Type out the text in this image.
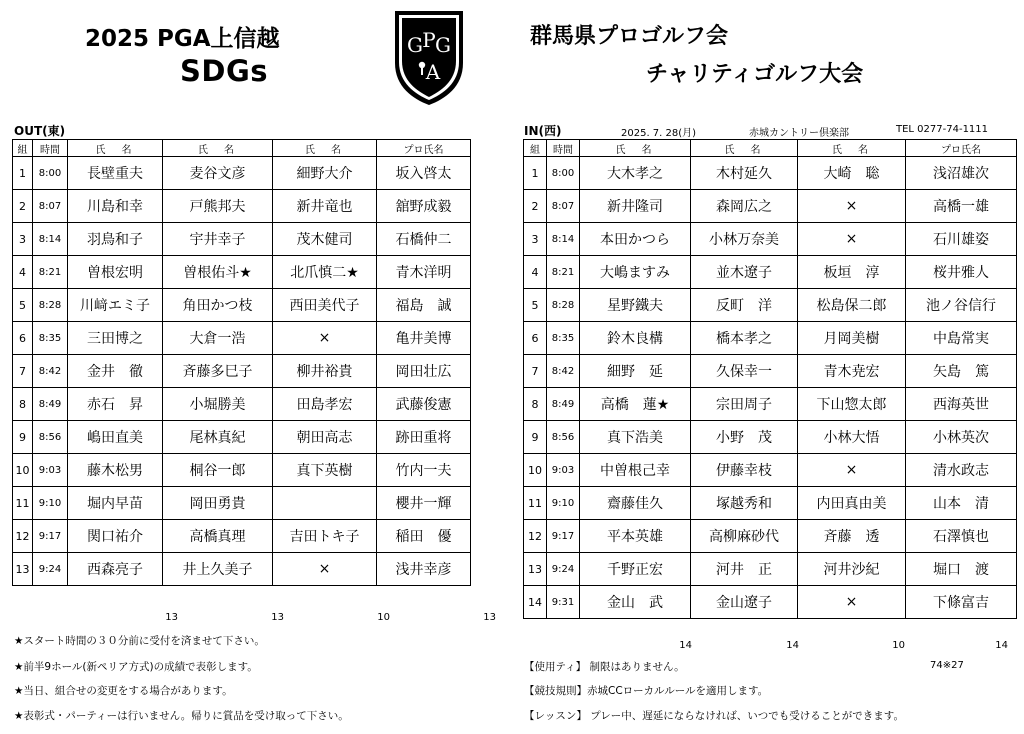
2025 PGA上信越
SDGs
G P G
A
群馬県プロゴルフ会
チャリティゴルフ大会
OUT(東)
組	時間	氏　名	氏　名	氏　名	プロ氏名
1	8:00	長壁重夫	麦谷文彦	細野大介	坂入啓太
2	8:07	川島和幸	戸熊邦夫	新井竜也	舘野成毅
3	8:14	羽鳥和子	宇井幸子	茂木健司	石橋仲二
4	8:21	曽根宏明	曽根佑斗★	北爪慎二★	青木洋明
5	8:28	川﨑エミ子	角田かつ枝	西田美代子	福島　誠
6	8:35	三田博之	大倉一浩	×	亀井美博
7	8:42	金井　徹	斉藤多巳子	柳井裕貴	岡田壮広
8	8:49	赤石　昇	小堀勝美	田島孝宏	武藤俊憲
9	8:56	嶋田直美	尾林真紀	朝田高志	跡田重将
10	9:03	藤木松男	桐谷一郎	真下英樹	竹内一夫
11	9:10	堀内早苗	岡田勇貴		櫻井一輝
12	9:17	関口祐介	高橋真理	吉田トキ子	稲田　優
13	9:24	西森亮子	井上久美子	×	浅井幸彦
13	13	10	13
★スタート時間の３０分前に受付を済ませて下さい。
★前半9ホール(新ペリア方式)の成績で表彰します。
★当日、組合せの変更をする場合があります。
★表彰式・パーティーは行いません。帰りに賞品を受け取って下さい。
IN(西)	2025. 7. 28(月)	赤城カントリー倶楽部	TEL 0277-74-1111
組	時間	氏　名	氏　名	氏　名	プロ氏名
1	8:00	大木孝之	木村延久	大崎　聡	浅沼雄次
2	8:07	新井隆司	森岡広之	×	高橋一雄
3	8:14	本田かつら	小林万奈美	×	石川雄姿
4	8:21	大嶋ますみ	並木遼子	板垣　淳	桜井雅人
5	8:28	星野鐵夫	反町　洋	松島保二郎	池ノ谷信行
6	8:35	鈴木良構	橋本孝之	月岡美樹	中島常実
7	8:42	細野　延	久保幸一	青木尭宏	矢島　篤
8	8:49	高橋　蓮★	宗田周子	下山惣太郎	西海英世
9	8:56	真下浩美	小野　茂	小林大悟	小林英次
10	9:03	中曽根己幸	伊藤幸枝	×	清水政志
11	9:10	齋藤佳久	塚越秀和	内田真由美	山本　清
12	9:17	平本英雄	高柳麻砂代	斉藤　透	石澤慎也
13	9:24	千野正宏	河井　正	河井沙紀	堀口　渡
14	9:31	金山　武	金山遼子	×	下條富吉
14	14	10	14
【使用ティ】 制限はありません。	74※27
【競技規則】赤城CCローカルルールを適用します。
【レッスン】 プレー中、遅延にならなければ、いつでも受けることができます。
